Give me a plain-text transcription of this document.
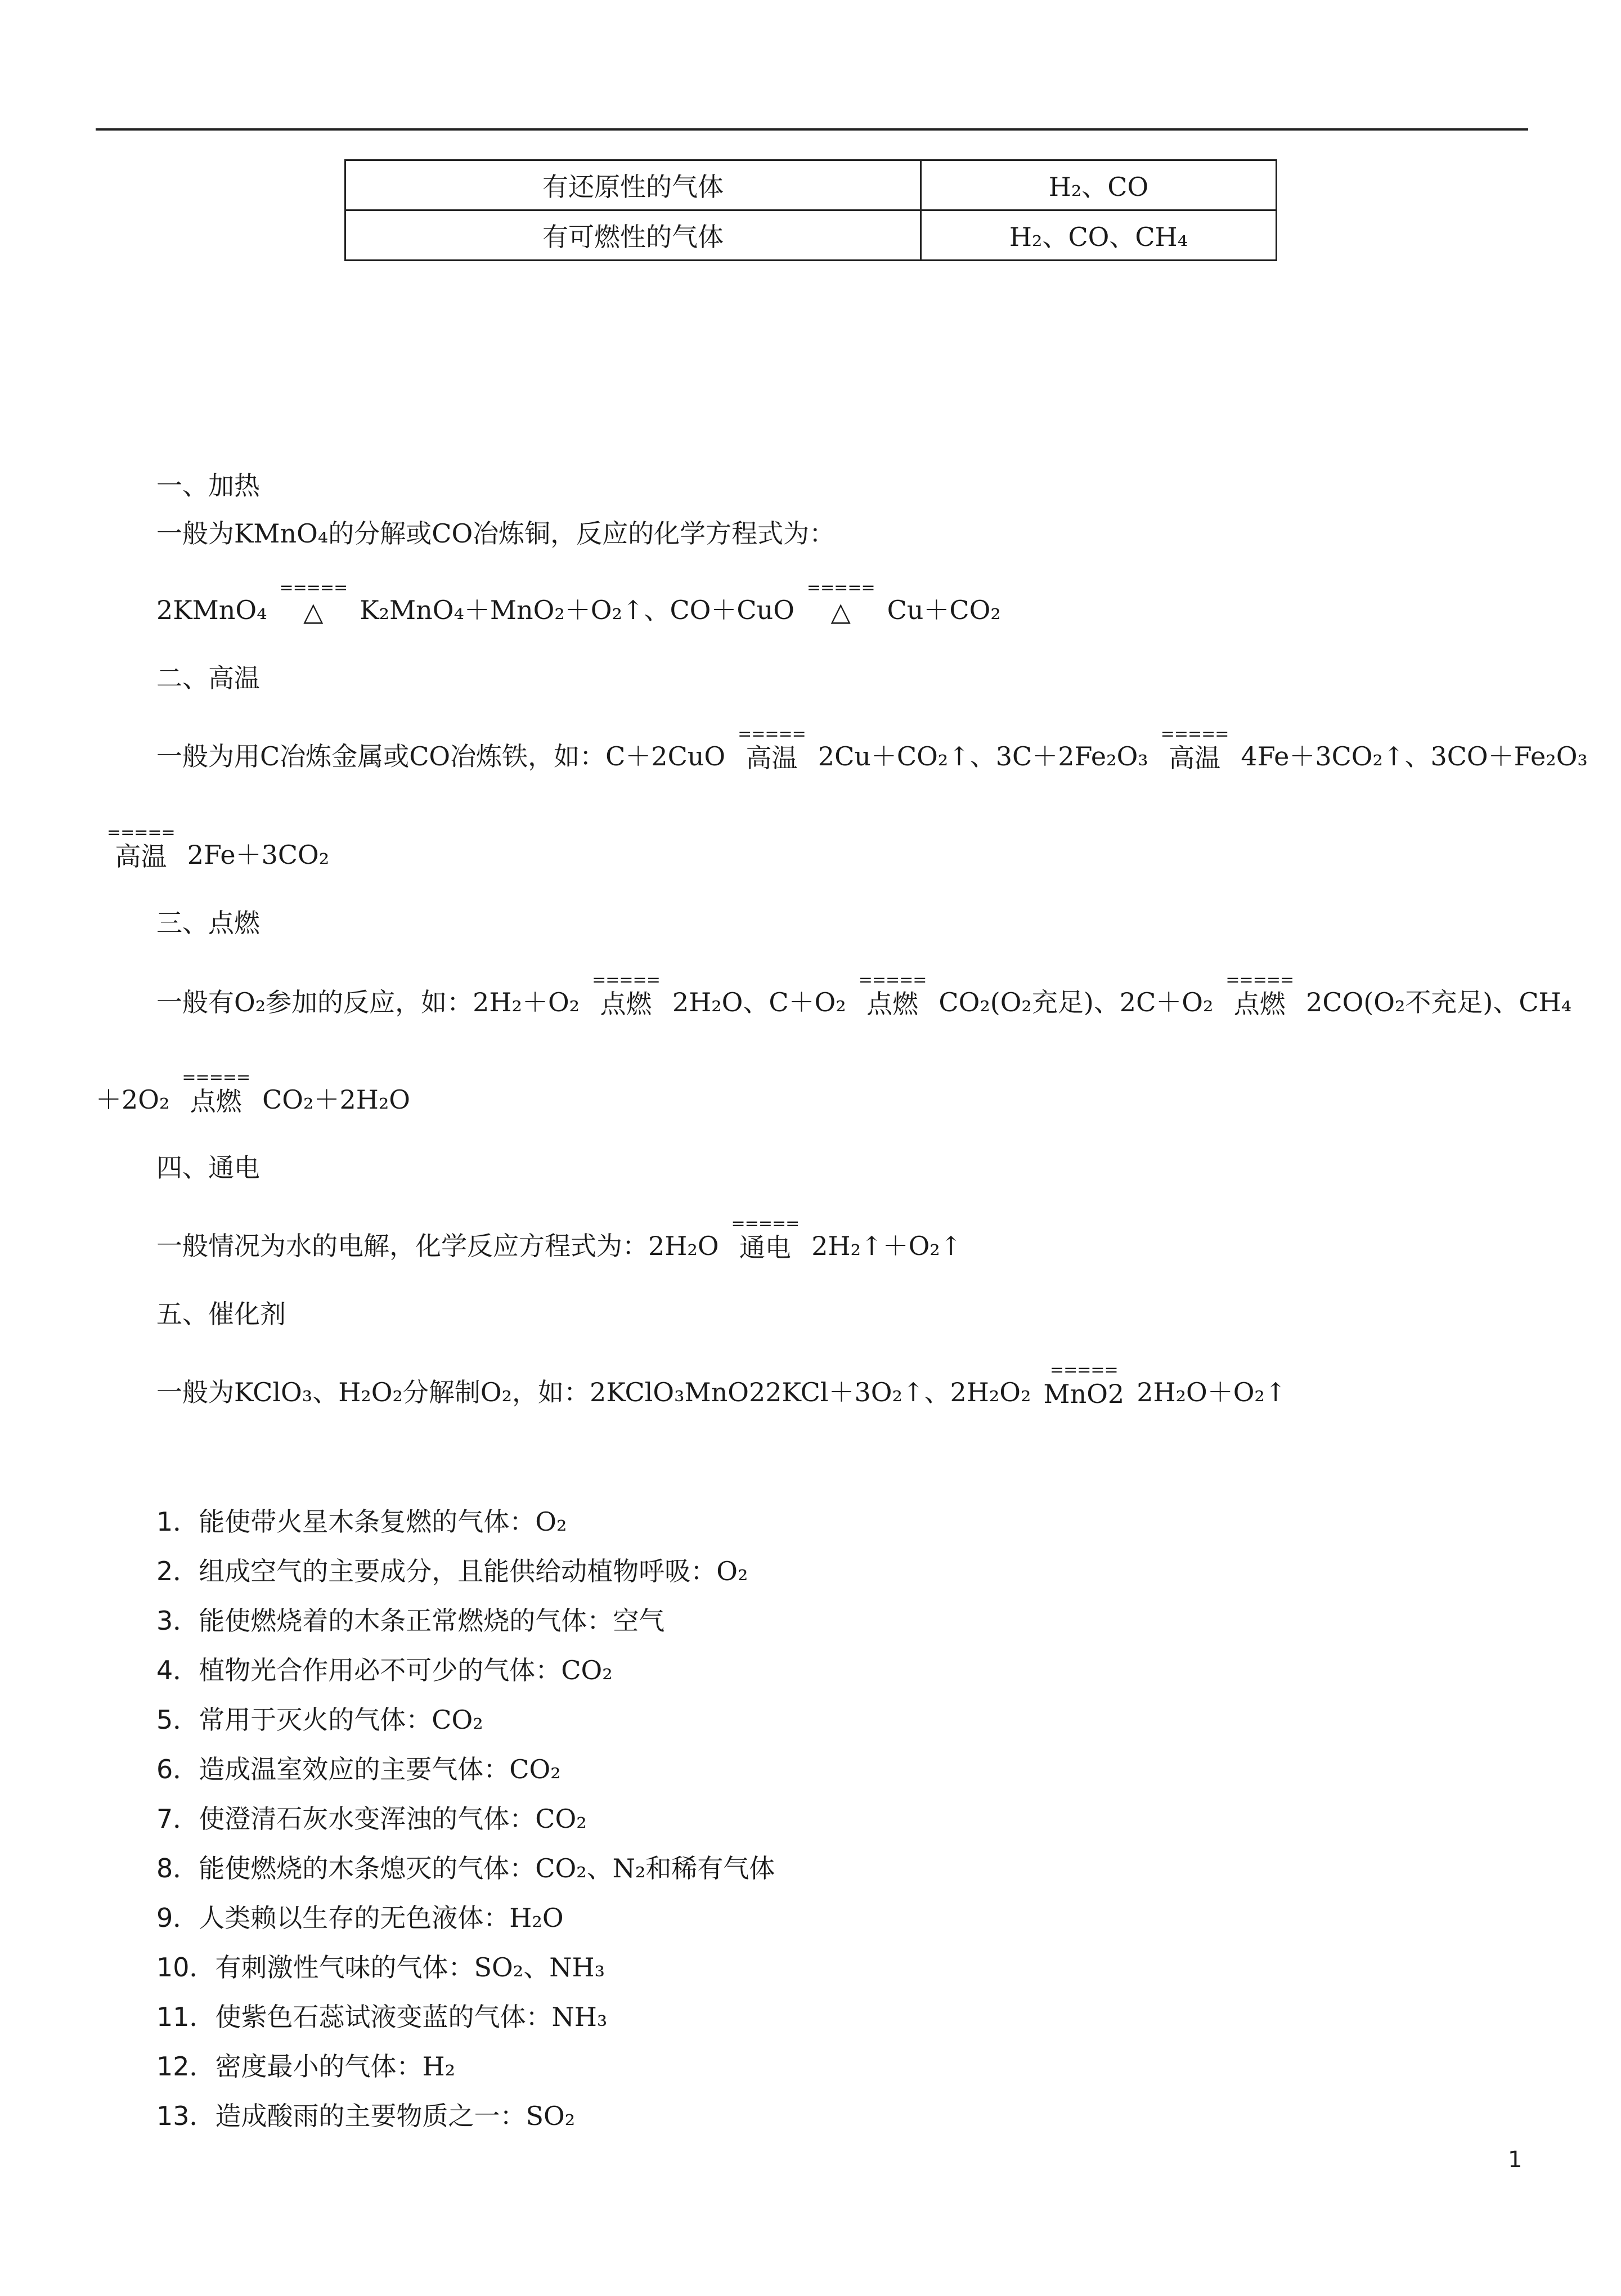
有还原性的气体	H₂、CO
有可燃性的气体	H₂、CO、CH₄
一、加热
一般为KMnO₄的分解或CO冶炼铜，反应的化学方程式为：
2KMnO₄
=====
△	K₂MnO₄＋MnO₂＋O₂↑、CO＋CuO
=====
△	Cu＋CO₂
二、高温
一般为用C冶炼金属或CO冶炼铁，如：C＋2CuO
=====
高温 2Cu＋CO₂↑、3C＋2Fe₂O₃
=====
高温 4Fe＋3CO₂↑、3CO＋Fe₂O₃
=====
高温 2Fe＋3CO₂
三、点燃
一般有O₂参加的反应，如：2H₂＋O₂
=====
点燃 2H₂O、C＋O₂
=====
点燃 CO₂(O₂充足)、2C＋O₂
=====
点燃 2CO(O₂不充足)、CH₄
＋2O₂
=====
点燃 CO₂＋2H₂O
四、通电
一般情况为水的电解，化学反应方程式为：2H₂O
=====
通电 2H₂↑＋O₂↑
五、催化剂
一般为KClO₃、H₂O₂分解制O₂，如：2KClO₃MnO22KCl＋3O₂↑、2H₂O₂
=====
MnO2 2H₂O＋O₂↑
1．能使带火星木条复燃的气体：O₂
2．组成空气的主要成分，且能供给动植物呼吸：O₂
3．能使燃烧着的木条正常燃烧的气体：空气
4．植物光合作用必不可少的气体：CO₂
5．常用于灭火的气体：CO₂
6．造成温室效应的主要气体：CO₂
7．使澄清石灰水变浑浊的气体：CO₂
8．能使燃烧的木条熄灭的气体：CO₂、N₂和稀有气体
9．人类赖以生存的无色液体：H₂O
10．有刺激性气味的气体：SO₂、NH₃
11．使紫色石蕊试液变蓝的气体：NH₃
12．密度最小的气体：H₂
13．造成酸雨的主要物质之一：SO₂
1
